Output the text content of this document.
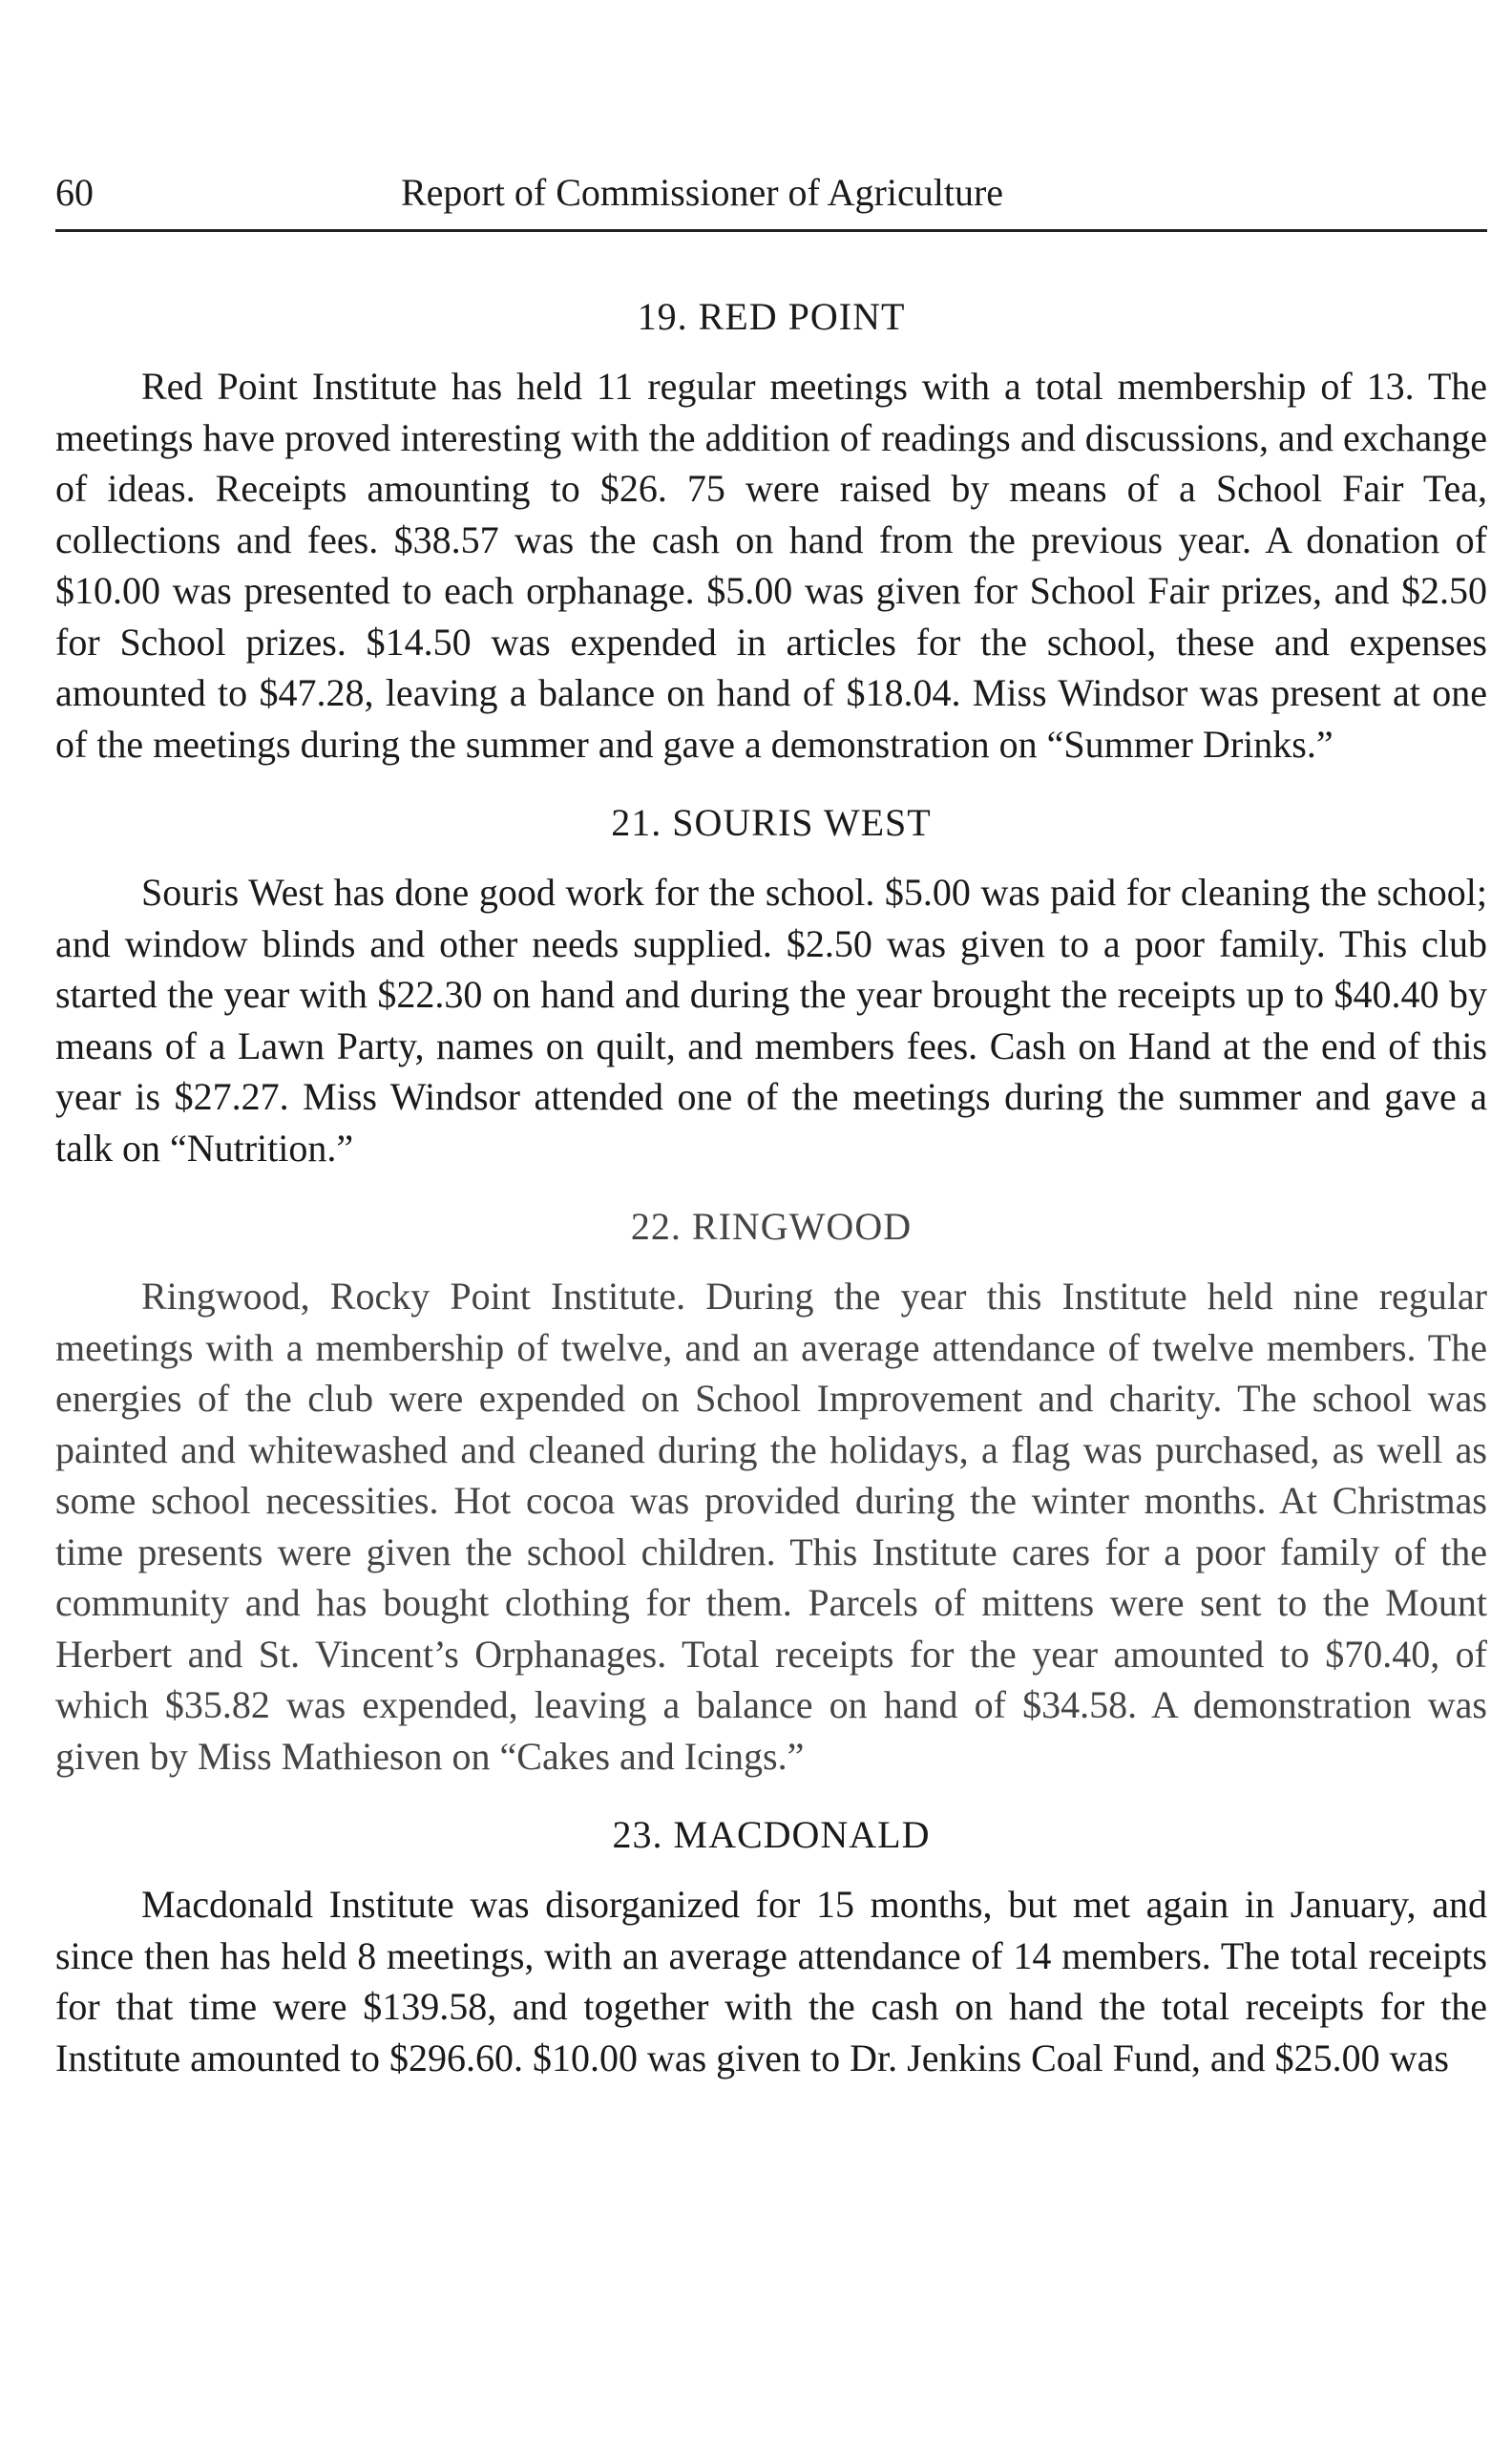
60	Report of Commissioner of Agriculture
19. RED POINT

Red Point Institute has held 11 regular meetings with a total membership of 13. The meetings have proved interesting with the addition of readings and discussions, and exchange of ideas. Receipts amounting to $26. 75 were raised by means of a School Fair Tea, collections and fees. $38.57 was the cash on hand from the previous year. A donation of $10.00 was presented to each orphanage. $5.00 was given for School Fair prizes, and $2.50 for School prizes. $14.50 was expended in articles for the school, these and expenses amounted to $47.28, leaving a balance on hand of $18.04. Miss Windsor was present at one of the meetings during the summer and gave a demonstration on “Summer Drinks.”

21. SOURIS WEST

Souris West has done good work for the school. $5.00 was paid for cleaning the school; and window blinds and other needs supplied. $2.50 was given to a poor family. This club started the year with $22.30 on hand and during the year brought the receipts up to $40.40 by means of a Lawn Party, names on quilt, and members fees. Cash on Hand at the end of this year is $27.27. Miss Windsor attended one of the meetings during the summer and gave a talk on “Nutrition.”

22. RINGWOOD

Ringwood, Rocky Point Institute. During the year this Institute held nine regular meetings with a membership of twelve, and an average attendance of twelve members. The energies of the club were expended on School Improvement and charity. The school was painted and whitewashed and cleaned during the holidays, a flag was purchased, as well as some school necessities. Hot cocoa was provided during the winter months. At Christmas time presents were given the school children. This Institute cares for a poor family of the community and has bought clothing for them. Parcels of mittens were sent to the Mount Herbert and St. Vincent’s Orphanages. Total receipts for the year amounted to $70.40, of which $35.82 was expended, leaving a balance on hand of $34.58. A demonstration was given by Miss Mathieson on “Cakes and Icings.”

23. MACDONALD

Macdonald Institute was disorganized for 15 months, but met again in January, and since then has held 8 meetings, with an average attendance of 14 members. The total receipts for that time were $139.58, and together with the cash on hand the total receipts for the Institute amounted to $296.60. $10.00 was given to Dr. Jenkins Coal Fund, and $25.00 was
